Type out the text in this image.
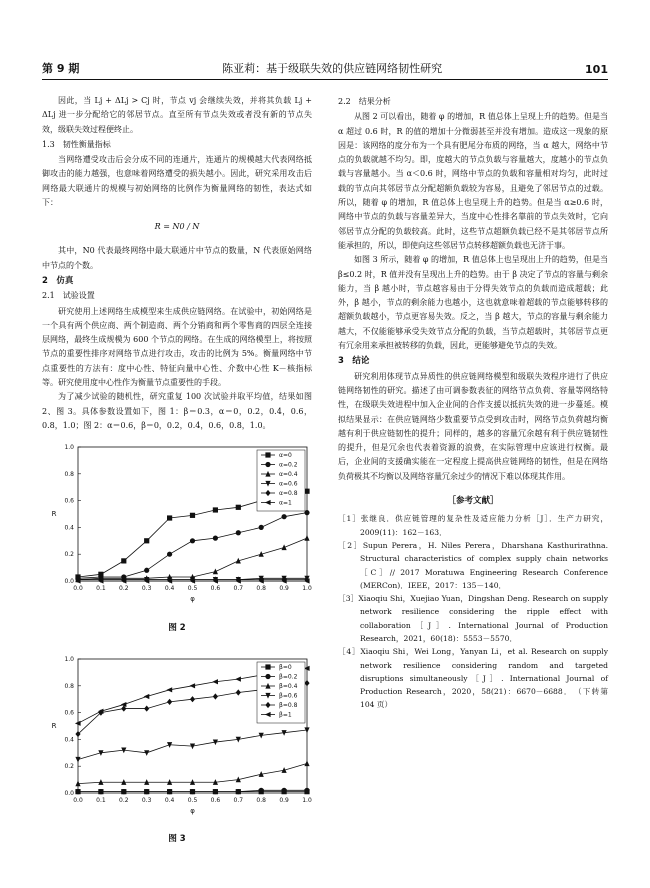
第 9 期	陈亚莉：基于级联失效的供应链网络韧性研究	101

因此，当 Lj + ΔLj > Cj 时，节点 vj 会继续失效，并将其负载 Lj + ΔLj 进一步分配给它的邻居节点。直至所有节点失效或者没有新的节点失效，级联失效过程便终止。

1.3　韧性衡量指标

当网络遭受攻击后会分成不同的连通片，连通片的规模越大代表网络抵御攻击的能力越强，也意味着网络遭受的损失越小。因此，研究采用攻击后网络最大联通片的规模与初始网络的比例作为衡量网络的韧性，表达式如下：

R = N0 / N

其中，N0 代表最终网络中最大联通片中节点的数量，N 代表原始网络中节点的个数。

2　仿真
2.1　试验设置

研究使用上述网络生成模型来生成供应链网络。在试验中，初始网络是一个具有两个供应商、两个制造商、两个分销商和两个零售商的四层全连接层网络，最终生成规模为 600 个节点的网络。在生成的网络模型上，将按照节点的重要性排序对网络节点进行攻击，攻击的比例为 5%。衡量网络中节点重要性的方法有：度中心性、特征向量中心性、介数中心性 K－核指标等。研究使用度中心性作为衡量节点重要性的手段。

为了减少试验的随机性，研究重复 100 次试验并取平均值，结果如图 2、图 3。具体参数设置如下，图 1：β＝0.3，α＝0，0.2，0.4，0.6，0.8，1.0；图 2：α＝0.6，β＝0，0.2，0.4，0.6，0.8，1.0。

0.0 0.1 0.2 0.3 0.4 0.5 0.6 0.7 0.8 0.9 1.0
0.0
0.2
0.4
0.6
0.8
1.0
φ
R
α=0
α=0.2
α=0.4
α=0.6
α=0.8
α=1
图 2
0.0 0.1 0.2 0.3 0.4 0.5 0.6 0.7 0.8 0.9 1.0
0.0
0.2
0.4
0.6
0.8
1.0
φ
R
β=0
β=0.2
β=0.4
β=0.6
β=0.8
β=1
图 3
2.2　结果分析

从图 2 可以看出，随着 φ 的增加，R 值总体上呈现上升的趋势。但是当 α 超过 0.6 时，R 的值的增加十分微弱甚至并没有增加。造成这一现象的原因是：该网络的度分布为一个具有肥尾分布质的网络，当 α 越大，网络中节点的负载就越不均匀。即，度越大的节点负载与容量越大，度越小的节点负载与容量越小。当 α＜0.6 时，网络中节点的负载和容量相对均匀，此时过载的节点向其邻居节点分配超额负载较为容易，且避免了邻居节点的过载。所以，随着 φ 的增加，R 值总体上也呈现上升的趋势。但是当 α≥0.6 时，网络中节点的负载与容量差异大，当度中心性排名靠前的节点失效时，它向邻居节点分配的负载较高。此时，这些节点超额负载已经不是其邻居节点所能承担的，所以，即使向这些邻居节点转移超额负载也无济于事。

如图 3 所示，随着 φ 的增加，R 值总体上也呈现出上升的趋势，但是当 β≤0.2 时，R 值并没有呈现出上升的趋势。由于 β 决定了节点的容量与剩余能力，当 β 越小时，节点越容易由于分得失效节点的负载而造成超载；此外，β 越小，节点的剩余能力也越小，这也就意味着超载的节点能够转移的超额负载越小，节点更容易失效。反之，当 β 越大，节点的容量与剩余能力越大，不仅能能够承受失效节点分配的负载，当节点超载时，其邻居节点更有冗余用来承担被转移的负载，因此，更能够避免节点的失效。

3　结论

研究利用体现节点异质性的供应链网络模型和级联失效程序进行了供应链网络韧性的研究。描述了由可调参数表征的网络节点负荷、容量等网络特性，在级联失效进程中加入企业间的合作支援以抵抗失效的进一步蔓延。模拟结果显示：在供应链网络少数重要节点受到攻击时，网络节点负荷越均衡越有利于供应链韧性的提升；同样的，越多的容量冗余越有利于供应链韧性的提升，但是冗余也代表着资源的浪费，在实际管理中应该进行权衡。最后，企业间的支援确实能在一定程度上提高供应链网络的韧性，但是在网络负荷极其不均衡以及网络容量冗余过少的情况下难以体现其作用。

［参考文献］
［1］张继良．供应链管理的复杂性及适应能力分析［J］．生产力研究，2009(11)：162－163．
［2］Supun Perera，H. Niles Perera，Dharshana Kasthurirathna. Structural characteristics of complex supply chain networks［C］// 2017 Moratuwa Engineering Research Conference (MERCon)．IEEE，2017：135－140．
［3］Xiaoqiu Shi，Xuejiao Yuan，Dingshan Deng. Research on supply network resilience considering the ripple effect with collaboration［J］. International Journal of Production Research，2021，60(18)：5553－5570．
［4］Xiaoqiu Shi，Wei Long，Yanyan Li，et al. Research on supply network resilience considering random and targeted disruptions simultaneously［J］. International Journal of Production Research，2020，58(21)：6670－6688．　（下转第 104 页）
